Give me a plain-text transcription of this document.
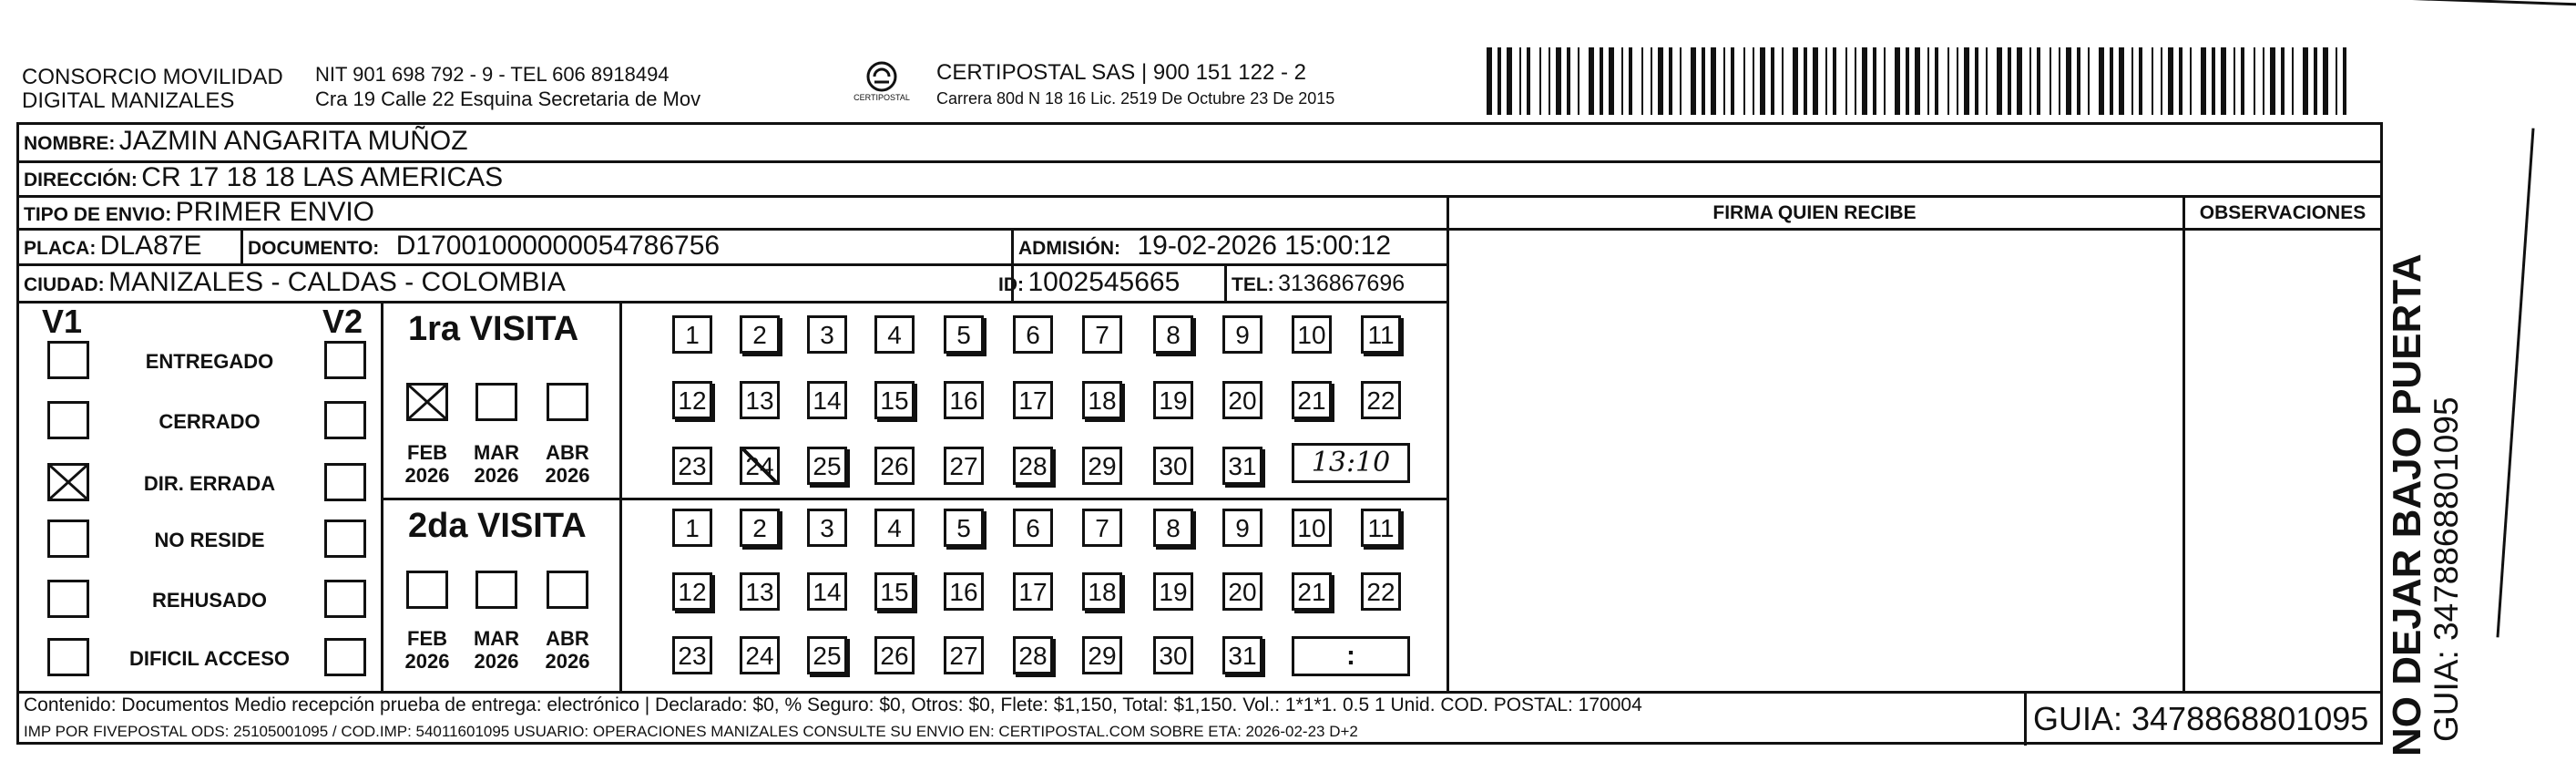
CONSORCIO MOVILIDAD
DIGITAL MANIZALES
NIT 901 698 792 - 9 - TEL 606 8918494
Cra 19 Calle 22 Esquina Secretaria de Mov	CERTIPOSTAL
CERTIPOSTAL SAS | 900 151 122 - 2
Carrera 80d N 18 16 Lic. 2519 De Octubre 23 De 2015
NOMBRE: JAZMIN ANGARITA MUÑOZ
DIRECCIÓN: CR 17 18 18 LAS AMERICAS
TIPO DE ENVIO: PRIMER ENVIO	FIRMA QUIEN RECIBE	OBSERVACIONES
PLACA: DLA87E DOCUMENTO: D17001000000054786756	ADMISIÓN: 19-02-2026 15:00:12
CIUDAD: MANIZALES - CALDAS - COLOMBIA	ID: 1002545665	TEL: 3136867696
V1	V2
ENTREGADO
CERRADO
DIR. ERRADA
NO RESIDE
REHUSADO
DIFICIL ACCESO
1ra VISITA
2da VISITA
FEB
2026
MAR
2026
ABR
2026
FEB
2026
MAR
2026
ABR
2026
1	2	3	4	5	6	7	8	9	10 11
12 13 14 15 16 17 18 19 20 21 22
23 24 25 26 27 28 29 30 31
1	2	3	4	5	6	7	8	9	10 11
12 13 14 15 16 17 18 19 20 21 22
23 24 25 26 27 28 29 30 31
13:10
:
Contenido: Documentos Medio recepción prueba de entrega: electrónico | Declarado: $0, % Seguro: $0, Otros: $0, Flete: $1,150, Total: $1,150. Vol.: 1*1*1. 0.5 1 Unid. COD. POSTAL: 170004
IMP POR FIVEPOSTAL ODS: 25105001095 / COD.IMP: 54011601095 USUARIO: OPERACIONES MANIZALES CONSULTE SU ENVIO EN: CERTIPOSTAL.COM SOBRE ETA: 2026-02-23 D+2	GUIA: 3478868801095 NO DEJAR BAJO PUERTA
GUIA: 3478868801095
